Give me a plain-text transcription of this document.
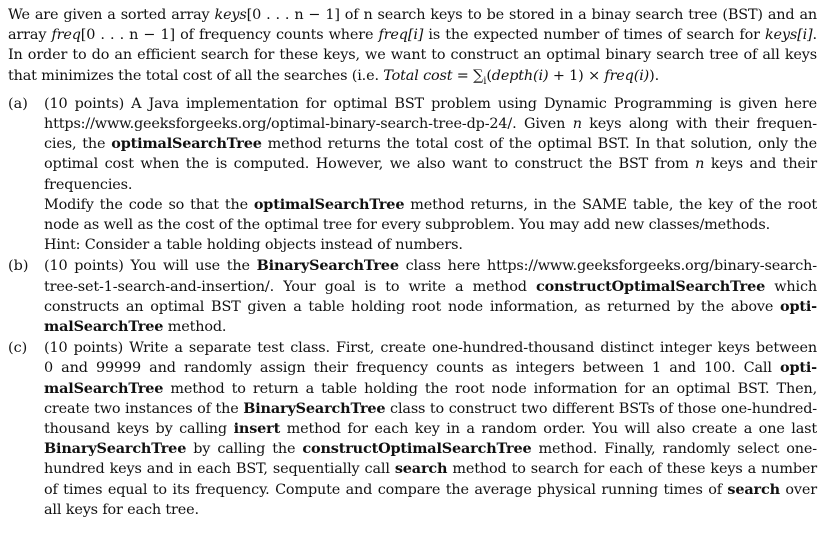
We are given a sorted array keys[0 . . . n − 1] of n search keys to be stored in a binay search tree (BST) and an
array freq[0 . . . n − 1] of frequency counts where freq[i] is the expected number of times of search for keys[i].
In order to do an efficient search for these keys, we want to construct an optimal binary search tree of all keys
that minimizes the total cost of all the searches (i.e. Total $\cos t = \sum_i(depth(i) + 1)$ × freq(i)).
(a) (10 points) A Java implementation for optimal BST problem using Dynamic Programming is given here
https://www.geeksforgeeks.org/optimal-binary-search-tree-dp-24/. Given n keys along with their frequen-
cies, the optimalSearchTree method returns the total cost of the optimal BST. In that solution, only the
optimal cost when the is computed. However, we also want to construct the BST from n keys and their
frequencies.
Modify the code so that the optimalSearchTree method returns, in the SAME table, the key of the root
node as well as the cost of the optimal tree for every subproblem. You may add new classes/methods.
Hint: Consider a table holding objects instead of numbers.
(b) (10 points) You will use the BinarySearchTree class here https://www.geeksforgeeks.org/binary-search-
tree-set-1-search-and-insertion/. Your goal is to write a method constructOptimalSearchTree which
constructs an optimal BST given a table holding root node information, as returned by the above opti-
malSearchTree method.
(c) (10 points) Write a separate test class. First, create one-hundred-thousand distinct integer keys between
0 and 99999 and randomly assign their frequency counts as integers between 1 and 100. Call opti-
malSearchTree method to return a table holding the root node information for an optimal BST. Then,
create two instances of the BinarySearchTree class to construct two different BSTs of those one-hundred-
thousand keys by calling insert method for each key in a random order. You will also create a one last
BinarySearchTree by calling the constructOptimalSearchTree method. Finally, randomly select one-
hundred keys and in each BST, sequentially call search method to search for each of these keys a number
of times equal to its frequency. Compute and compare the average physical running times of search over
all keys for each tree.
